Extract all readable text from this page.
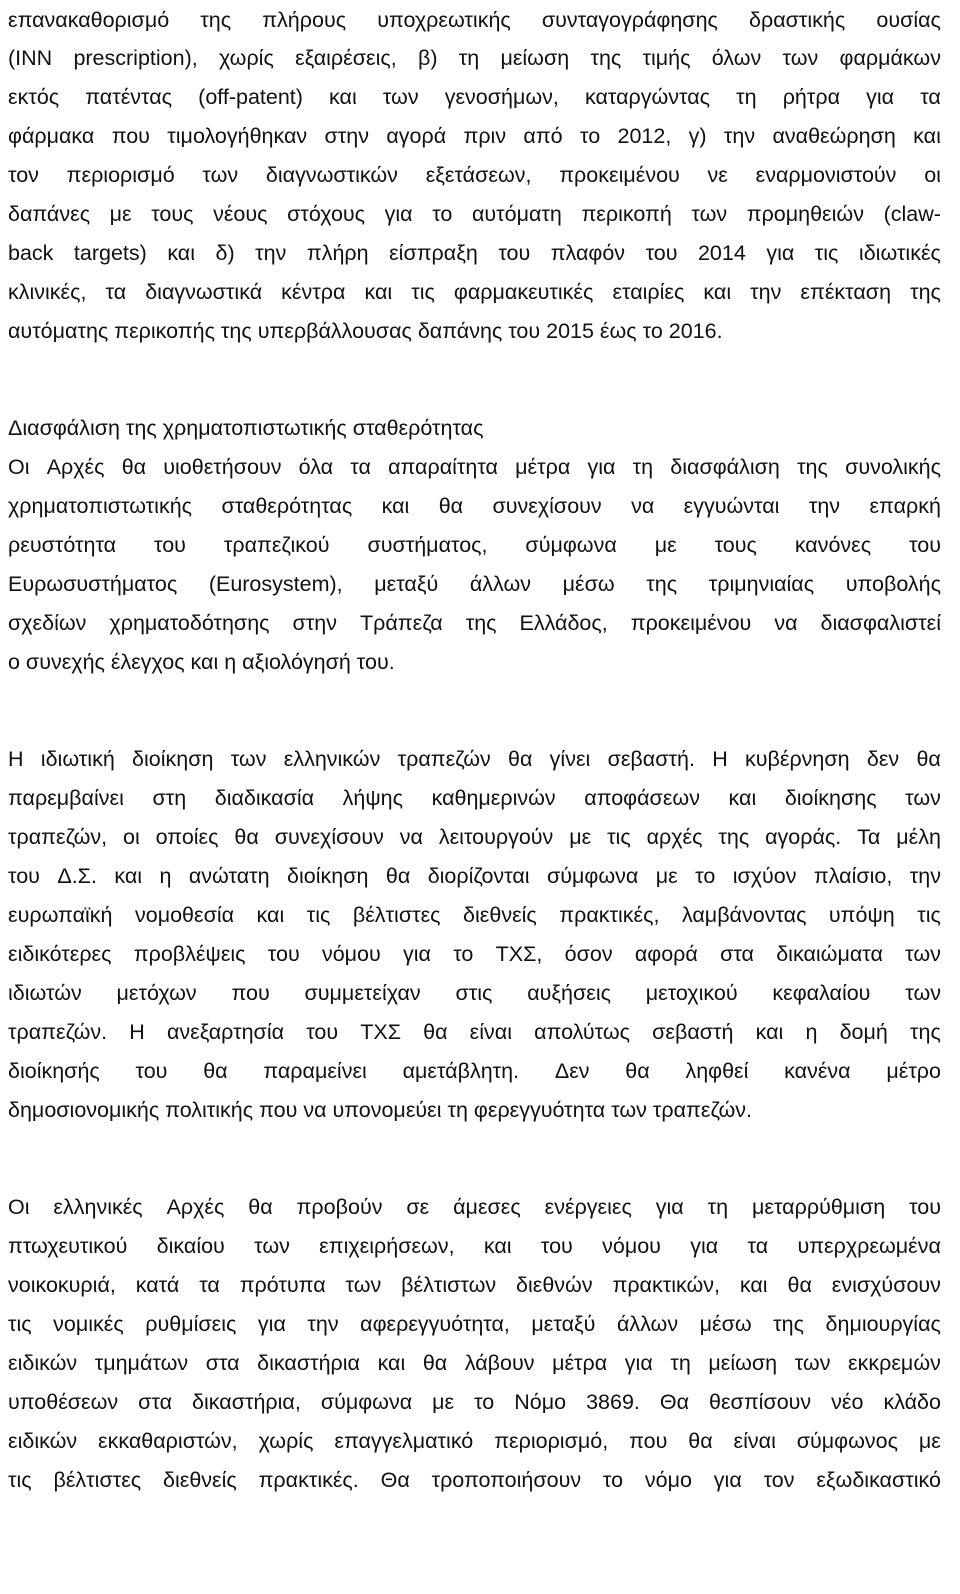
επανακαθορισμό της πλήρους υποχρεωτικής συνταγογράφησης δραστικής ουσίας
(INN prescription), χωρίς εξαιρέσεις, β) τη μείωση της τιμής όλων των φαρμάκων
εκτός πατέντας (off-patent) και των γενοσήμων, καταργώντας τη ρήτρα για τα
φάρμακα που τιμολογήθηκαν στην αγορά πριν από το 2012, γ) την αναθεώρηση και
τον περιορισμό των διαγνωστικών εξετάσεων, προκειμένου νε εναρμονιστούν οι
δαπάνες με τους νέους στόχους για το αυτόματη περικοπή των προμηθειών (claw-
back targets) και δ) την πλήρη είσπραξη του πλαφόν του 2014 για τις ιδιωτικές
κλινικές, τα διαγνωστικά κέντρα και τις φαρμακευτικές εταιρίες και την επέκταση της
αυτόματης περικοπής της υπερβάλλουσας δαπάνης του 2015 έως το 2016.
Διασφάλιση της χρηματοπιστωτικής σταθερότητας
Οι Αρχές θα υιοθετήσουν όλα τα απαραίτητα μέτρα για τη διασφάλιση της συνολικής
χρηματοπιστωτικής σταθερότητας και θα συνεχίσουν να εγγυώνται την επαρκή
ρευστότητα του τραπεζικού συστήματος, σύμφωνα με τους κανόνες του
Ευρωσυστήματος (Eurosystem), μεταξύ άλλων μέσω της τριμηνιαίας υποβολής
σχεδίων χρηματοδότησης στην Τράπεζα της Ελλάδος, προκειμένου να διασφαλιστεί
ο συνεχής έλεγχος και η αξιολόγησή του.
Η ιδιωτική διοίκηση των ελληνικών τραπεζών θα γίνει σεβαστή. Η κυβέρνηση δεν θα
παρεμβαίνει στη διαδικασία λήψης καθημερινών αποφάσεων και διοίκησης των
τραπεζών, οι οποίες θα συνεχίσουν να λειτουργούν με τις αρχές της αγοράς. Τα μέλη
του Δ.Σ. και η ανώτατη διοίκηση θα διορίζονται σύμφωνα με το ισχύον πλαίσιο, την
ευρωπαϊκή νομοθεσία και τις βέλτιστες διεθνείς πρακτικές, λαμβάνοντας υπόψη τις
ειδικότερες προβλέψεις του νόμου για το ΤΧΣ, όσον αφορά στα δικαιώματα των
ιδιωτών μετόχων που συμμετείχαν στις αυξήσεις μετοχικού κεφαλαίου των
τραπεζών. Η ανεξαρτησία του ΤΧΣ θα είναι απολύτως σεβαστή και η δομή της
διοίκησής του θα παραμείνει αμετάβλητη. Δεν θα ληφθεί κανένα μέτρο
δημοσιονομικής πολιτικής που να υπονομεύει τη φερεγγυότητα των τραπεζών.
Οι ελληνικές Αρχές θα προβούν σε άμεσες ενέργειες για τη μεταρρύθμιση του
πτωχευτικού δικαίου των επιχειρήσεων, και του νόμου για τα υπερχρεωμένα
νοικοκυριά, κατά τα πρότυπα των βέλτιστων διεθνών πρακτικών, και θα ενισχύσουν
τις νομικές ρυθμίσεις για την αφερεγγυότητα, μεταξύ άλλων μέσω της δημιουργίας
ειδικών τμημάτων στα δικαστήρια και θα λάβουν μέτρα για τη μείωση των εκκρεμών
υποθέσεων στα δικαστήρια, σύμφωνα με το Νόμο 3869. Θα θεσπίσουν νέο κλάδο
ειδικών εκκαθαριστών, χωρίς επαγγελματικό περιορισμό, που θα είναι σύμφωνος με
τις βέλτιστες διεθνείς πρακτικές. Θα τροποποιήσουν το νόμο για τον εξωδικαστικό
